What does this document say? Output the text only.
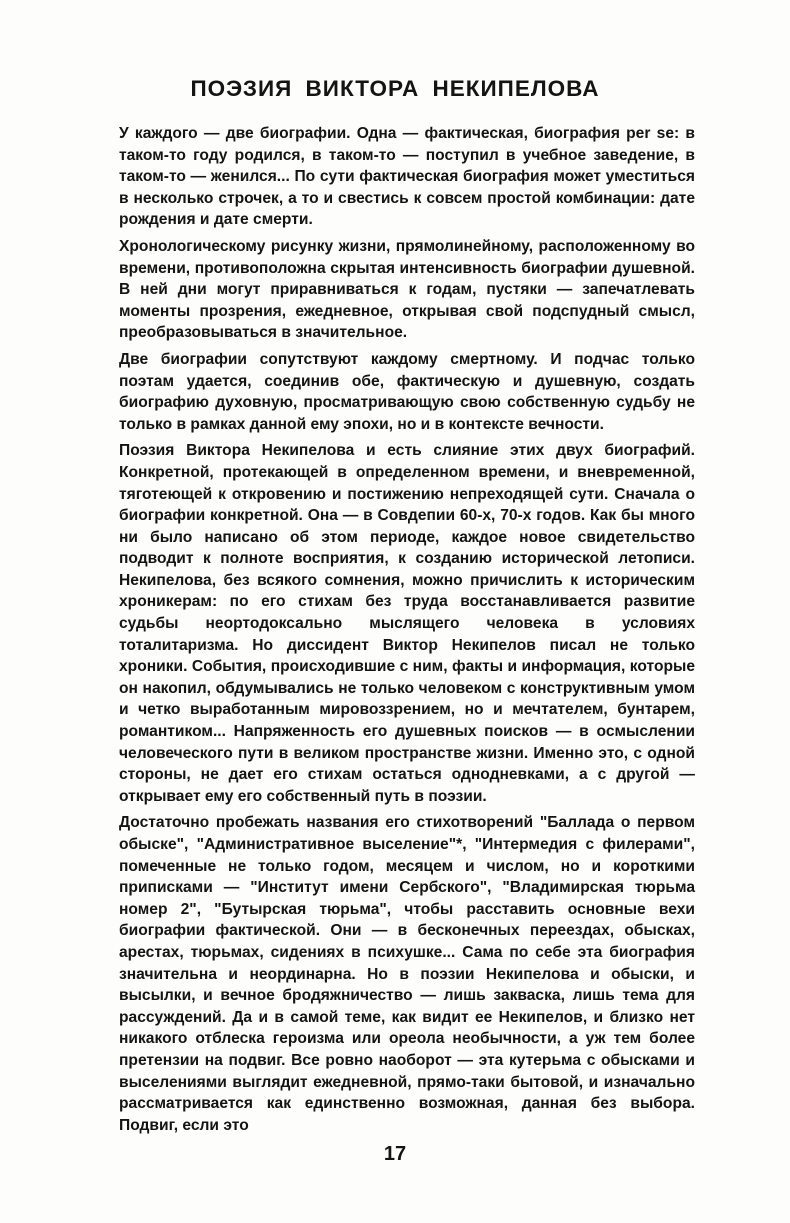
ПОЭЗИЯ ВИКТОРА НЕКИПЕЛОВА

У каждого — две биографии. Одна — фактическая, биография per se: в таком-то году родился, в таком-то — поступил в учебное заведение, в таком-то — женился... По сути фактическая биография может уместиться в несколько строчек, а то и свестись к совсем простой комбинации: дате рождения и дате смерти.

Хронологическому рисунку жизни, прямолинейному, расположенному во времени, противоположна скрытая интенсивность биографии душевной. В ней дни могут приравниваться к годам, пустяки — запечатлевать моменты прозрения, ежедневное, открывая свой подспудный смысл, преобразовываться в значительное.

Две биографии сопутствуют каждому смертному. И подчас только поэтам удается, соединив обе, фактическую и душевную, создать биографию духовную, просматривающую свою собственную судьбу не только в рамках данной ему эпохи, но и в контексте вечности.

Поэзия Виктора Некипелова и есть слияние этих двух биографий. Конкретной, протекающей в определенном времени, и вневременной, тяготеющей к откровению и постижению непреходящей сути. Сначала о биографии конкретной. Она — в Совдепии 60-х, 70-х годов. Как бы много ни было написано об этом периоде, каждое новое свидетельство подводит к полноте восприятия, к созданию исторической летописи. Некипелова, без всякого сомнения, можно причислить к историческим хроникерам: по его стихам без труда восстанавливается развитие судьбы неортодоксально мыслящего человека в условиях тоталитаризма. Но диссидент Виктор Некипелов писал не только хроники. События, происходившие с ним, факты и информация, которые он накопил, обдумывались не только человеком с конструктивным умом и четко выработанным мировоззрением, но и мечтателем, бунтарем, романтиком... Напряженность его душевных поисков — в осмыслении человеческого пути в великом пространстве жизни. Именно это, с одной стороны, не дает его стихам остаться однодневками, а с другой — открывает ему его собственный путь в поэзии.

Достаточно пробежать названия его стихотворений "Баллада о первом обыске", "Административное выселение"*, "Интермедия с филерами", помеченные не только годом, месяцем и числом, но и короткими приписками — "Институт имени Сербского", "Владимирская тюрьма номер 2", "Бутырская тюрьма", чтобы расставить основные вехи биографии фактической. Они — в бесконечных переездах, обысках, арестах, тюрьмах, сидениях в психушке... Сама по себе эта биография значительна и неординарна. Но в поэзии Некипелова и обыски, и высылки, и вечное бродяжничество — лишь закваска, лишь тема для рассуждений. Да и в самой теме, как видит ее Некипелов, и близко нет никакого отблеска героизма или ореола необычности, а уж тем более претензии на подвиг. Все ровно наоборот — эта кутерьма с обысками и выселениями выглядит ежедневной, прямо-таки бытовой, и изначально рассматривается как единственно возможная, данная без выбора. Подвиг, если это

17
